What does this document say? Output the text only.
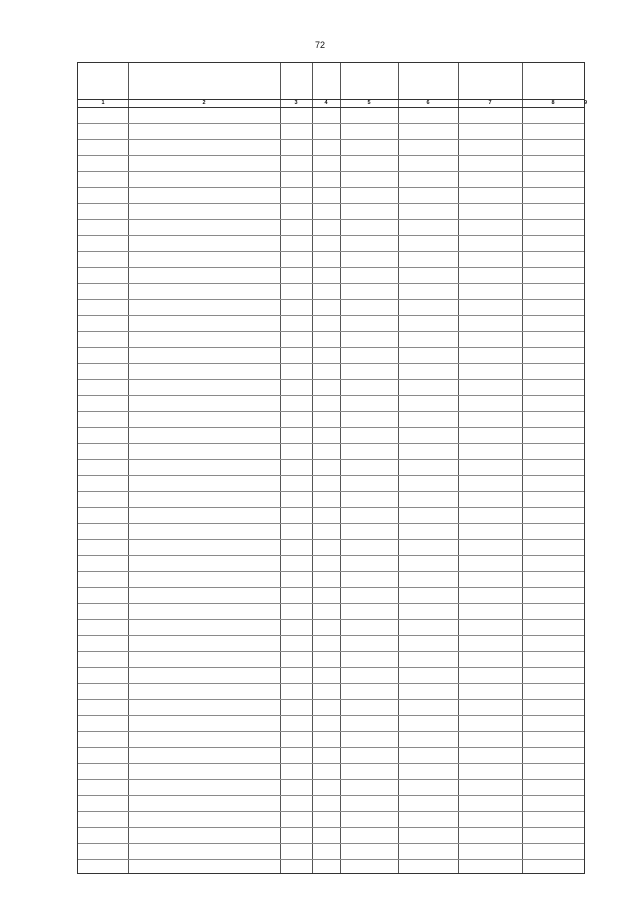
72
1	2	3	4	5	6	7	8	9
